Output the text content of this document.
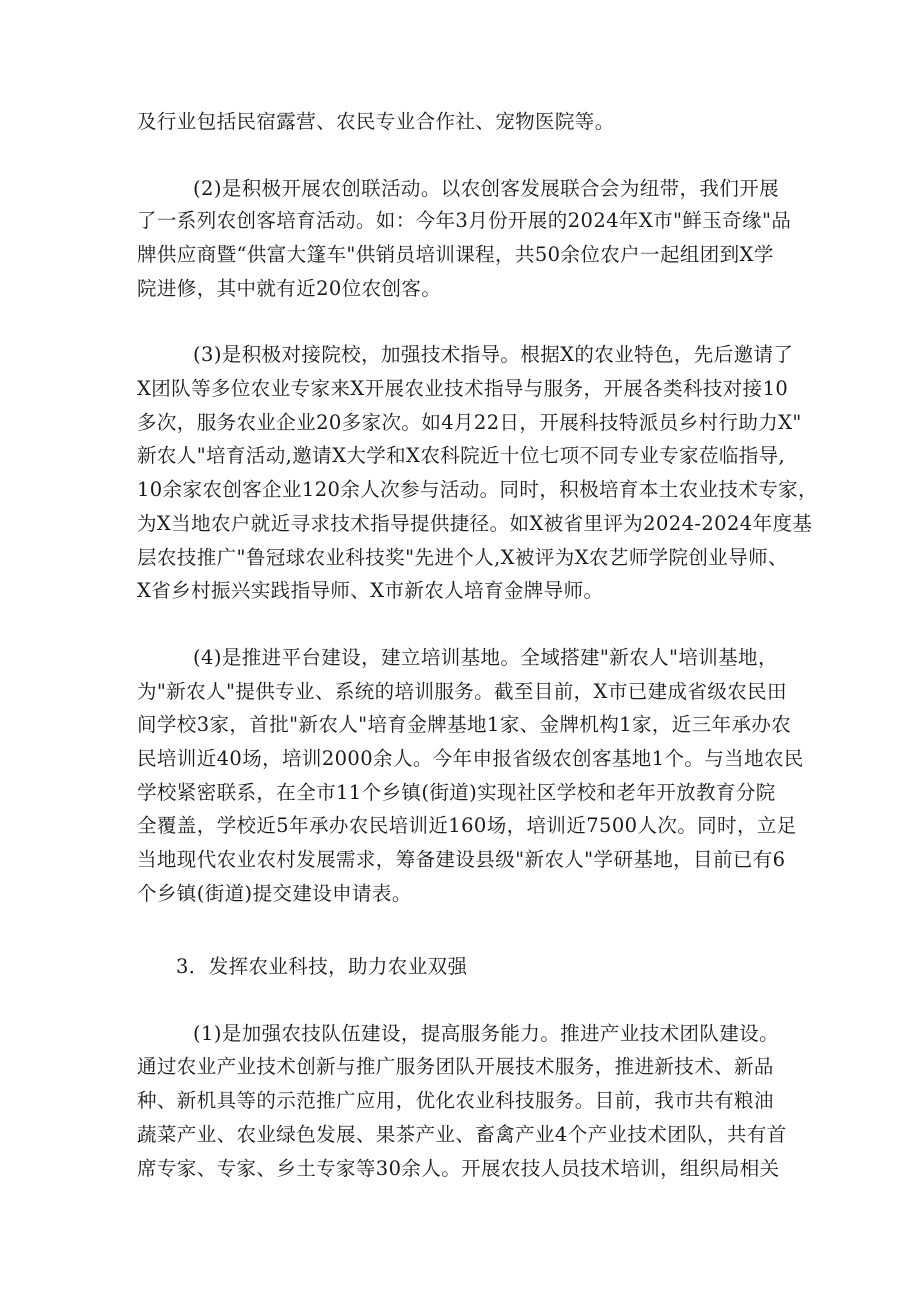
及行业包括民宿露营、农民专业合作社、宠物医院等。
(2)是积极开展农创联活动。以农创客发展联合会为纽带，我们开展
了一系列农创客培育活动。如：今年3月份开展的2024年X市"鲜玉奇缘"品
牌供应商暨“供富大篷车"供销员培训课程，共50余位农户一起组团到X学
院进修，其中就有近20位农创客。
(3)是积极对接院校，加强技术指导。根据X的农业特色，先后邀请了
X团队等多位农业专家来X开展农业技术指导与服务，开展各类科技对接10
多次，服务农业企业20多家次。如4月22日，开展科技特派员乡村行助力X"
新农人"培育活动,邀请X大学和X农科院近十位七项不同专业专家莅临指导,
10余家农创客企业120余人次参与活动。同时，积极培育本土农业技术专家，
为X当地农户就近寻求技术指导提供捷径。如X被省里评为2024-2024年度基
层农技推广"鲁冠球农业科技奖"先进个人,X被评为X农艺师学院创业导师、
X省乡村振兴实践指导师、X市新农人培育金牌导师。
(4)是推进平台建设，建立培训基地。全域搭建"新农人"培训基地，
为"新农人"提供专业、系统的培训服务。截至目前，X市已建成省级农民田
间学校3家，首批"新农人"培育金牌基地1家、金牌机构1家，近三年承办农
民培训近40场，培训2000余人。今年申报省级农创客基地1个。与当地农民
学校紧密联系，在全市11个乡镇(街道)实现社区学校和老年开放教育分院
全覆盖，学校近5年承办农民培训近160场，培训近7500人次。同时，立足
当地现代农业农村发展需求，筹备建设县级"新农人"学研基地，目前已有6
个乡镇(街道)提交建设申请表。
3．发挥农业科技，助力农业双强
(1)是加强农技队伍建设，提高服务能力。推进产业技术团队建设。
通过农业产业技术创新与推广服务团队开展技术服务，推进新技术、新品
种、新机具等的示范推广应用，优化农业科技服务。目前，我市共有粮油
蔬菜产业、农业绿色发展、果茶产业、畜禽产业4个产业技术团队，共有首
席专家、专家、乡土专家等30余人。开展农技人员技术培训，组织局相关
